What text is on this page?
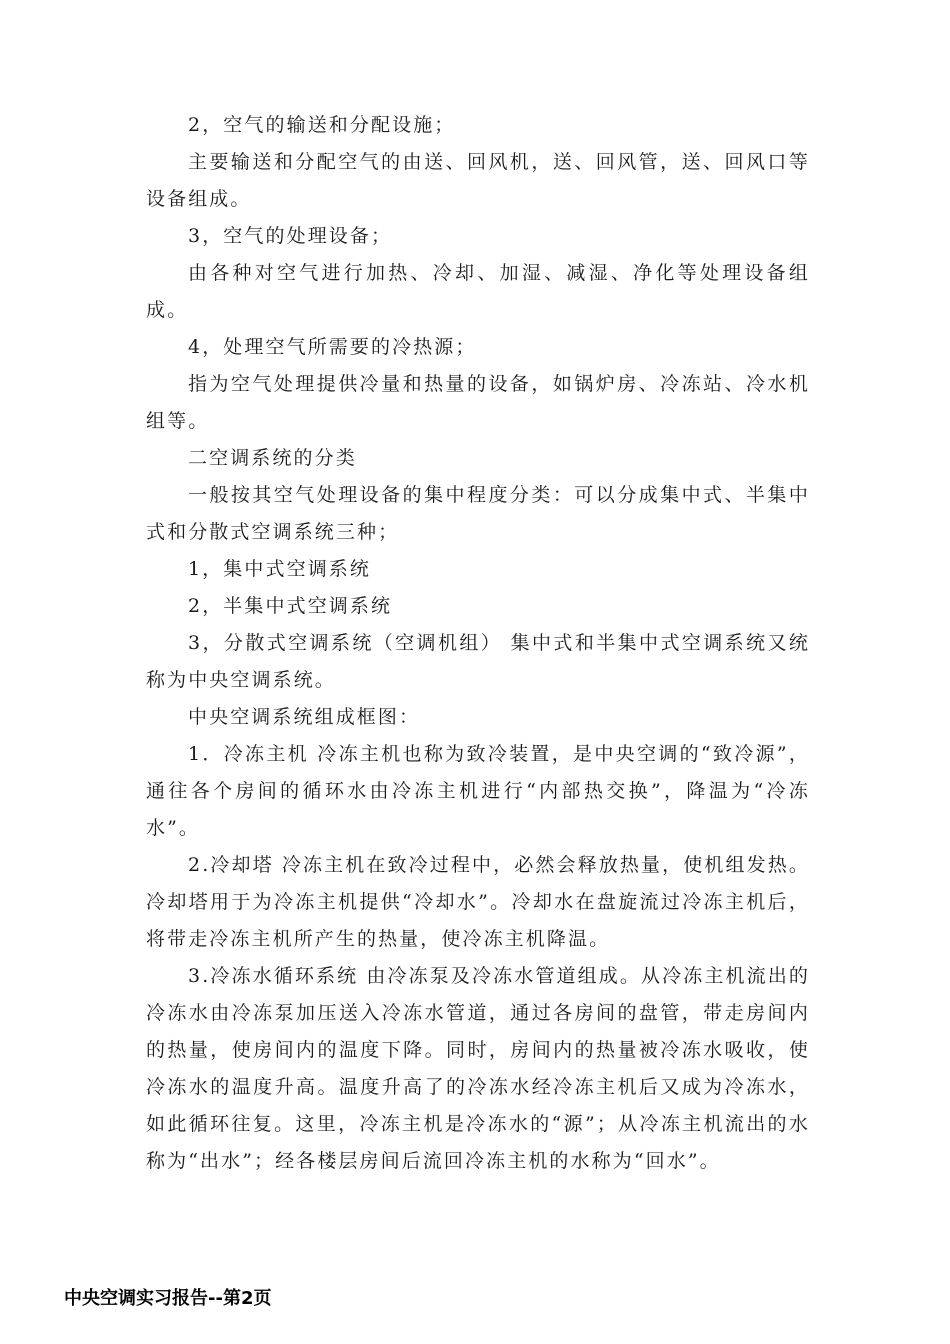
2，空气的输送和分配设施；

主要输送和分配空气的由送、回风机，送、回风管，送、回风口等设备组成。

3，空气的处理设备；

由各种对空气进行加热、冷却、加湿、减湿、净化等处理设备组成。

4，处理空气所需要的冷热源；

指为空气处理提供冷量和热量的设备，如锅炉房、冷冻站、冷水机组等。

二空调系统的分类

一般按其空气处理设备的集中程度分类：可以分成集中式、半集中式和分散式空调系统三种；

1，集中式空调系统

2，半集中式空调系统

3，分散式空调系统（空调机组） 集中式和半集中式空调系统又统称为中央空调系统。

中央空调系统组成框图：

1．冷冻主机 冷冻主机也称为致冷装置，是中央空调的“致冷源”，通往各个房间的循环水由冷冻主机进行“内部热交换”，降温为“冷冻水”。

2.冷却塔 冷冻主机在致冷过程中，必然会释放热量，使机组发热。冷却塔用于为冷冻主机提供“冷却水”。冷却水在盘旋流过冷冻主机后，将带走冷冻主机所产生的热量，使冷冻主机降温。

3.冷冻水循环系统 由冷冻泵及冷冻水管道组成。从冷冻主机流出的冷冻水由冷冻泵加压送入冷冻水管道，通过各房间的盘管，带走房间内的热量，使房间内的温度下降。同时，房间内的热量被冷冻水吸收，使冷冻水的温度升高。温度升高了的冷冻水经冷冻主机后又成为冷冻水，如此循环往复。这里，冷冻主机是冷冻水的“源”；从冷冻主机流出的水称为“出水”；经各楼层房间后流回冷冻主机的水称为“回水”。

中央空调实习报告--第2页
